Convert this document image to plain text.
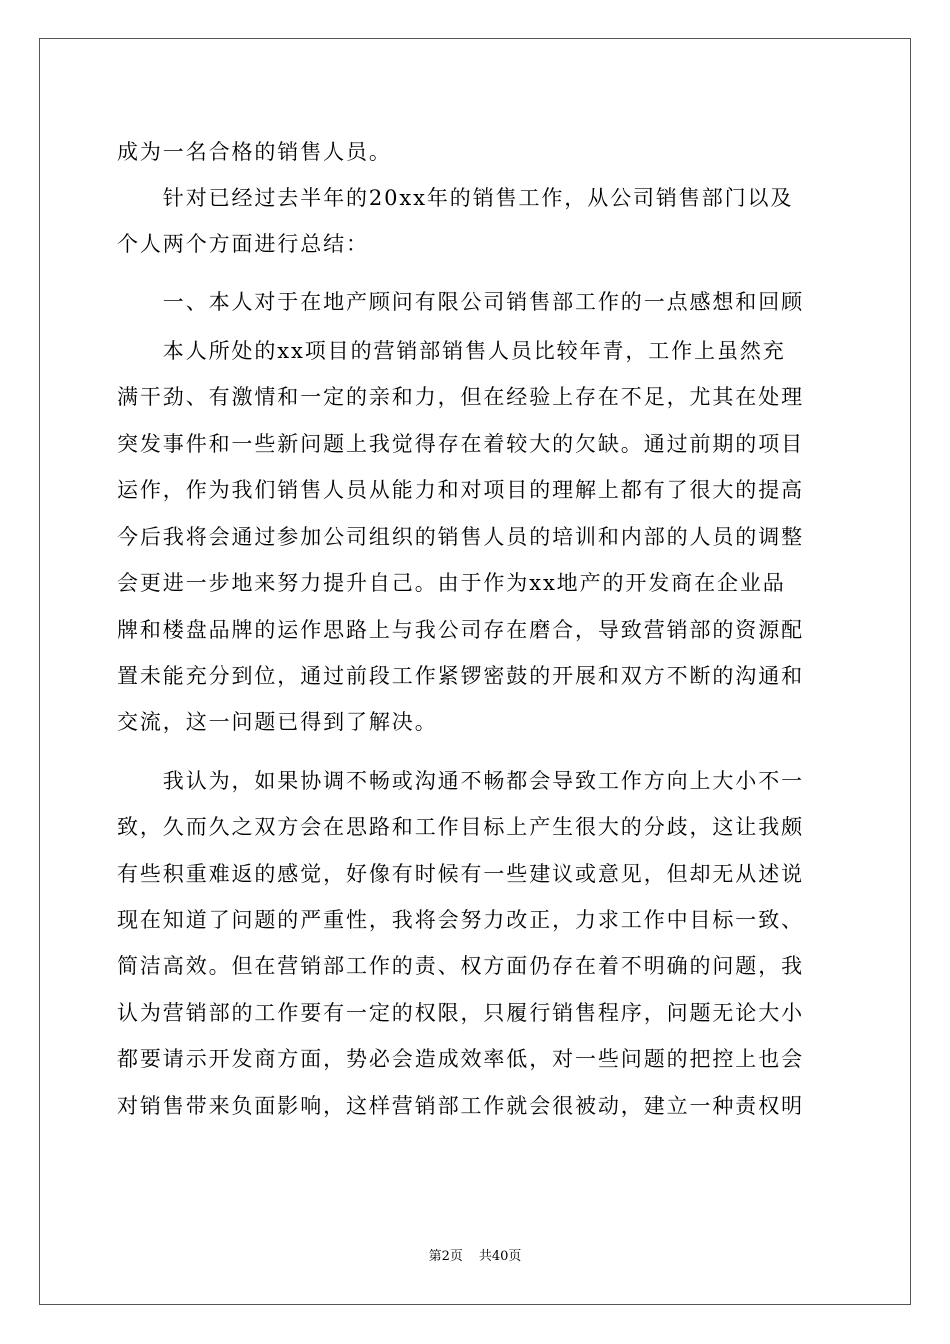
成为一名合格的销售人员。
　　针对已经过去半年的20xx年的销售工作，从公司销售部门以及
个人两个方面进行总结：
　　一、本人对于在地产顾问有限公司销售部工作的一点感想和回顾
　　本人所处的xx项目的营销部销售人员比较年青，工作上虽然充
满干劲、有激情和一定的亲和力，但在经验上存在不足，尤其在处理
突发事件和一些新问题上我觉得存在着较大的欠缺。通过前期的项目
运作，作为我们销售人员从能力和对项目的理解上都有了很大的提高
今后我将会通过参加公司组织的销售人员的培训和内部的人员的调整
会更进一步地来努力提升自己。由于作为xx地产的开发商在企业品
牌和楼盘品牌的运作思路上与我公司存在磨合，导致营销部的资源配
置未能充分到位，通过前段工作紧锣密鼓的开展和双方不断的沟通和
交流，这一问题已得到了解决。
　　我认为，如果协调不畅或沟通不畅都会导致工作方向上大小不一
致，久而久之双方会在思路和工作目标上产生很大的分歧，这让我颇
有些积重难返的感觉，好像有时候有一些建议或意见，但却无从述说
现在知道了问题的严重性，我将会努力改正，力求工作中目标一致、
简洁高效。但在营销部工作的责、权方面仍存在着不明确的问题，我
认为营销部的工作要有一定的权限，只履行销售程序，问题无论大小
都要请示开发商方面，势必会造成效率低，对一些问题的把控上也会
对销售带来负面影响，这样营销部工作就会很被动，建立一种责权明
第2页 共40页
